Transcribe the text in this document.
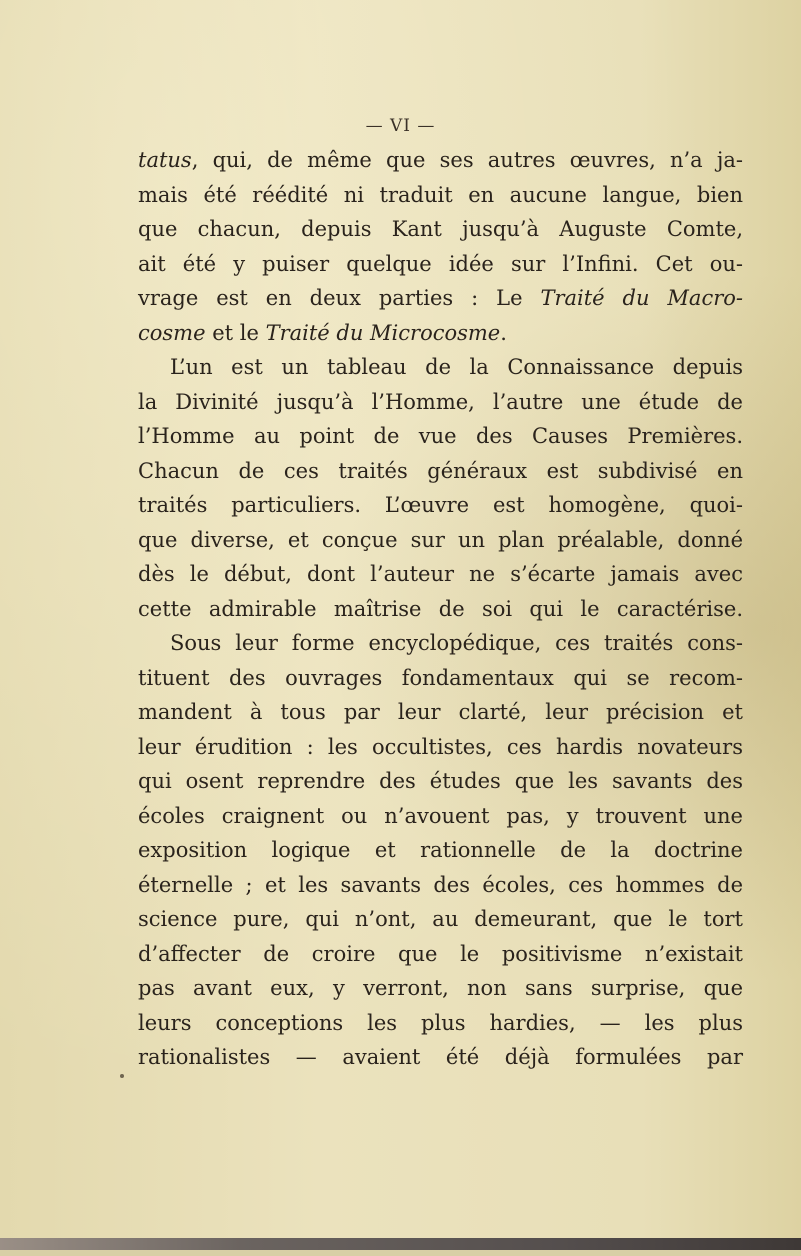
— VI —
tatus, qui, de même que ses autres œuvres, n’a ja-
mais été réédité ni traduit en aucune langue, bien
que chacun, depuis Kant jusqu’à Auguste Comte,
ait été y puiser quelque idée sur l’Infini. Cet ou-
vrage est en deux parties : Le Traité du Macro-
cosme et le Traité du Microcosme.
L’un est un tableau de la Connaissance depuis
la Divinité jusqu’à l’Homme, l’autre une étude de
l’Homme au point de vue des Causes Premières.
Chacun de ces traités généraux est subdivisé en
traités particuliers. L’œuvre est homogène, quoi-
que diverse, et conçue sur un plan préalable, donné
dès le début, dont l’auteur ne s’écarte jamais avec
cette admirable maîtrise de soi qui le caractérise.
Sous leur forme encyclopédique, ces traités cons-
tituent des ouvrages fondamentaux qui se recom-
mandent à tous par leur clarté, leur précision et
leur érudition : les occultistes, ces hardis novateurs
qui osent reprendre des études que les savants des
écoles craignent ou n’avouent pas, y trouvent une
exposition logique et rationnelle de la doctrine
éternelle ; et les savants des écoles, ces hommes de
science pure, qui n’ont, au demeurant, que le tort
d’affecter de croire que le positivisme n’existait
pas avant eux, y verront, non sans surprise, que
leurs conceptions les plus hardies, — les plus
rationalistes — avaient été déjà formulées par
